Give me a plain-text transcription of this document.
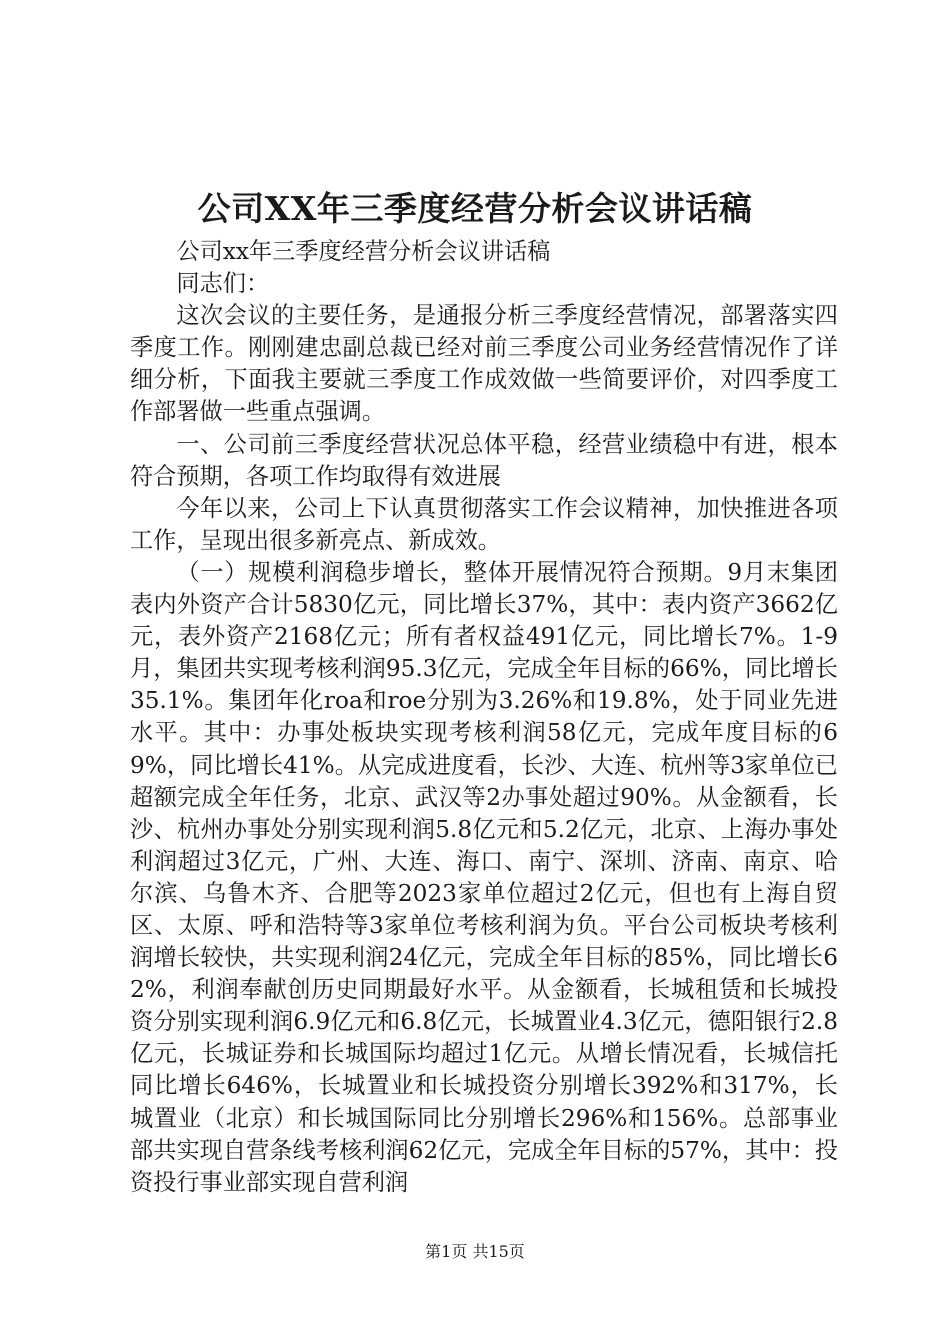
公司XX年三季度经营分析会议讲话稿

公司xx年三季度经营分析会议讲话稿

同志们：

这次会议的主要任务，是通报分析三季度经营情况，部署落实四季度工作。刚刚建忠副总裁已经对前三季度公司业务经营情况作了详细分析，下面我主要就三季度工作成效做一些简要评价，对四季度工作部署做一些重点强调。

一、公司前三季度经营状况总体平稳，经营业绩稳中有进，根本符合预期，各项工作均取得有效进展

今年以来，公司上下认真贯彻落实工作会议精神，加快推进各项工作，呈现出很多新亮点、新成效。

（一）规模利润稳步增长，整体开展情况符合预期。9月末集团表内外资产合计5830亿元，同比增长37%，其中：表内资产3662亿元，表外资产2168亿元；所有者权益491亿元，同比增长7%。1-9月，集团共实现考核利润95.3亿元，完成全年目标的66%，同比增长35.1%。集团年化roa和roe分别为3.26%和19.8%，处于同业先进水平。其中：办事处板块实现考核利润58亿元，完成年度目标的69%，同比增长41%。从完成进度看，长沙、大连、杭州等3家单位已超额完成全年任务，北京、武汉等2办事处超过90%。从金额看，长沙、杭州办事处分别实现利润5.8亿元和5.2亿元，北京、上海办事处利润超过3亿元，广州、大连、海口、南宁、深圳、济南、南京、哈尔滨、乌鲁木齐、合肥等2023家单位超过2亿元，但也有上海自贸区、太原、呼和浩特等3家单位考核利润为负。平台公司板块考核利润增长较快，共实现利润24亿元，完成全年目标的85%，同比增长62%，利润奉献创历史同期最好水平。从金额看，长城租赁和长城投资分别实现利润6.9亿元和6.8亿元，长城置业4.3亿元，德阳银行2.8亿元，长城证券和长城国际均超过1亿元。从增长情况看，长城信托同比增长646%，长城置业和长城投资分别增长392%和317%，长城置业（北京）和长城国际同比分别增长296%和156%。总部事业部共实现自营条线考核利润62亿元，完成全年目标的57%，其中：投资投行事业部实现自营利润

第1页 共15页
